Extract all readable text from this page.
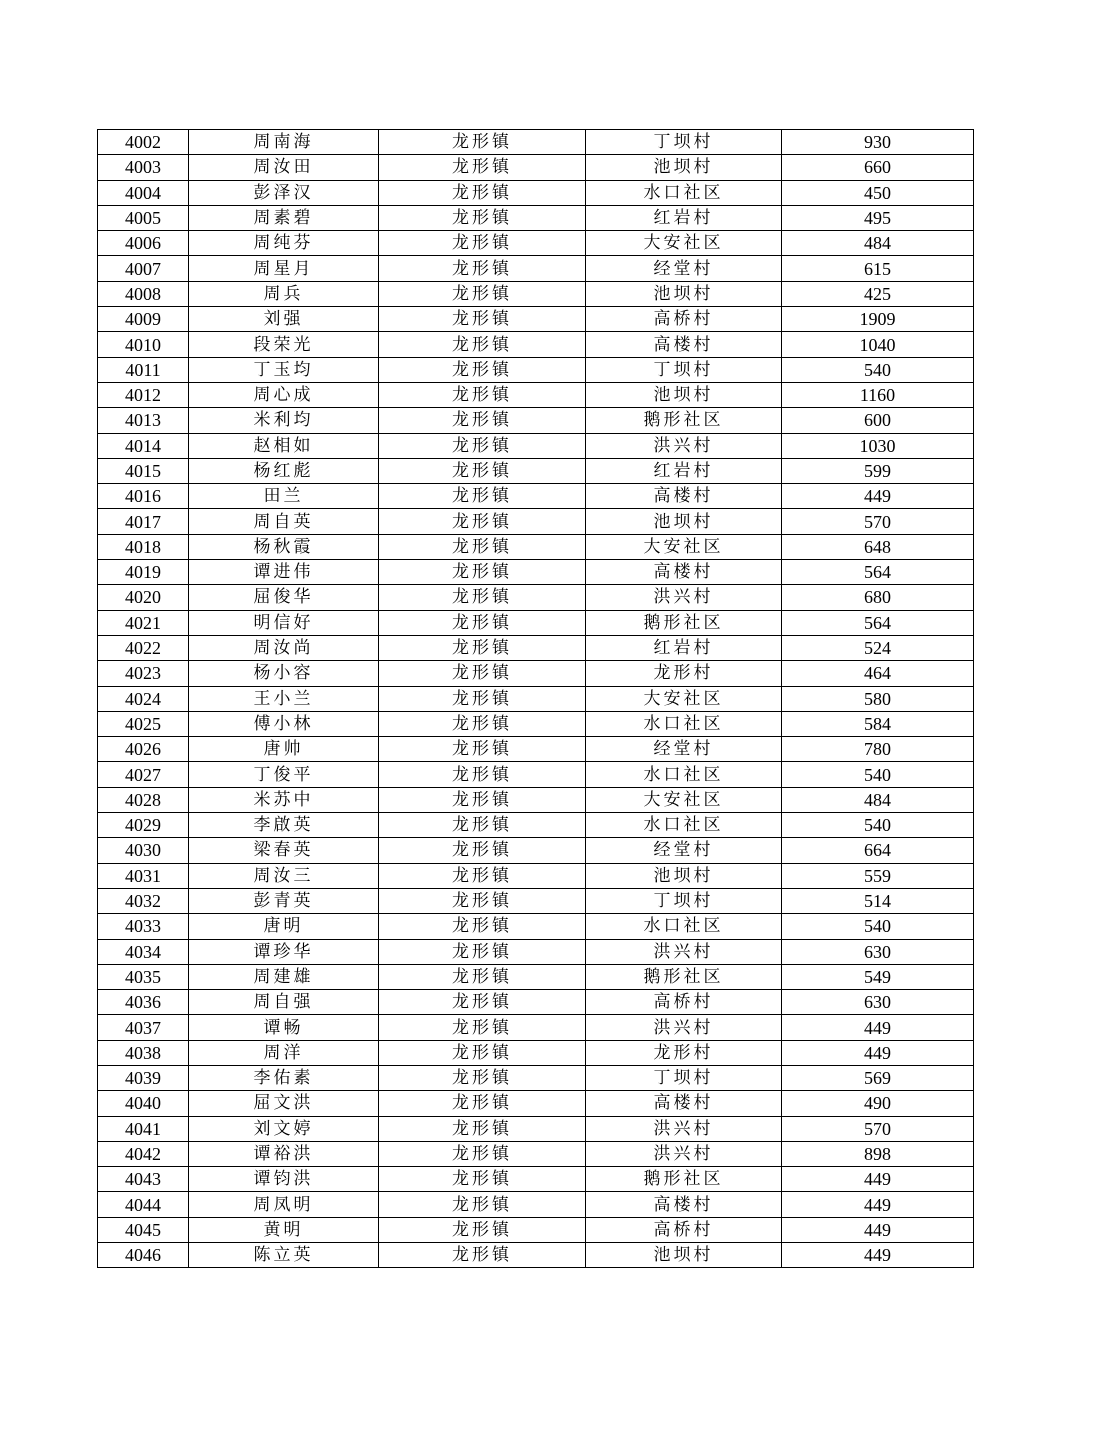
4002	周南海	龙形镇	丁坝村	930
4003	周汝田	龙形镇	池坝村	660
4004	彭泽汉	龙形镇	水口社区	450
4005	周素碧	龙形镇	红岩村	495
4006	周纯芬	龙形镇	大安社区	484
4007	周星月	龙形镇	经堂村	615
4008	周兵	龙形镇	池坝村	425
4009	刘强	龙形镇	高桥村	1909
4010	段荣光	龙形镇	高楼村	1040
4011	丁玉均	龙形镇	丁坝村	540
4012	周心成	龙形镇	池坝村	1160
4013	米利均	龙形镇	鹅形社区	600
4014	赵相如	龙形镇	洪兴村	1030
4015	杨红彪	龙形镇	红岩村	599
4016	田兰	龙形镇	高楼村	449
4017	周自英	龙形镇	池坝村	570
4018	杨秋霞	龙形镇	大安社区	648
4019	谭进伟	龙形镇	高楼村	564
4020	屈俊华	龙形镇	洪兴村	680
4021	明信好	龙形镇	鹅形社区	564
4022	周汝尚	龙形镇	红岩村	524
4023	杨小容	龙形镇	龙形村	464
4024	王小兰	龙形镇	大安社区	580
4025	傅小林	龙形镇	水口社区	584
4026	唐帅	龙形镇	经堂村	780
4027	丁俊平	龙形镇	水口社区	540
4028	米苏中	龙形镇	大安社区	484
4029	李啟英	龙形镇	水口社区	540
4030	梁春英	龙形镇	经堂村	664
4031	周汝三	龙形镇	池坝村	559
4032	彭青英	龙形镇	丁坝村	514
4033	唐明	龙形镇	水口社区	540
4034	谭珍华	龙形镇	洪兴村	630
4035	周建雄	龙形镇	鹅形社区	549
4036	周自强	龙形镇	高桥村	630
4037	谭畅	龙形镇	洪兴村	449
4038	周洋	龙形镇	龙形村	449
4039	李佑素	龙形镇	丁坝村	569
4040	屈文洪	龙形镇	高楼村	490
4041	刘文婷	龙形镇	洪兴村	570
4042	谭裕洪	龙形镇	洪兴村	898
4043	谭钧洪	龙形镇	鹅形社区	449
4044	周凤明	龙形镇	高楼村	449
4045	黄明	龙形镇	高桥村	449
4046	陈立英	龙形镇	池坝村	449
